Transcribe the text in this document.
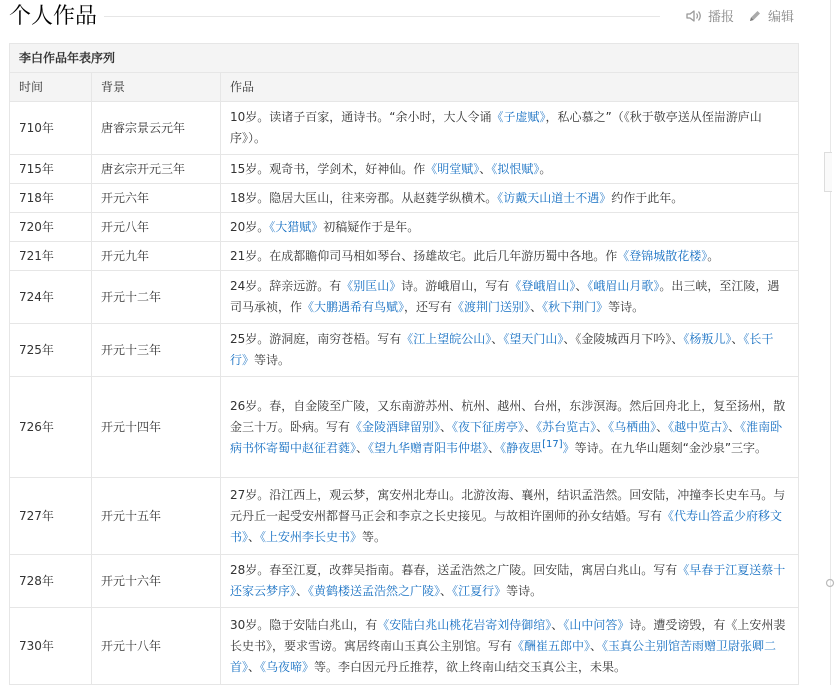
个人作品	播报	编辑
李白作品年表序列		
时间	背景	作品
710年	唐睿宗景云元年	10岁。读诸子百家，通诗书。“余小时，大人令诵《子虚赋》，私心慕之”（《秋于敬亭送从侄耑游庐山序》）。
715年	唐玄宗开元三年	15岁。观奇书，学剑术，好神仙。作《明堂赋》、《拟恨赋》。
718年	开元六年	18岁。隐居大匡山，往来旁郡。从赵蕤学纵横术。《访戴天山道士不遇》约作于此年。
720年	开元八年	20岁。《大猎赋》初稿疑作于是年。
721年	开元九年	21岁。在成都瞻仰司马相如琴台、扬雄故宅。此后几年游历蜀中各地。作《登锦城散花楼》。
724年	开元十二年	24岁。辞亲远游。有《别匡山》诗。游峨眉山，写有《登峨眉山》、《峨眉山月歌》。出三峡，至江陵，遇司马承祯，作《大鹏遇希有鸟赋》，还写有《渡荆门送别》、《秋下荆门》等诗。
725年	开元十三年	25岁。游洞庭，南穷苍梧。写有《江上望皖公山》、《望天门山》、《金陵城西月下吟》、《杨叛儿》、《长干行》等诗。
726年	开元十四年	26岁。春，自金陵至广陵，又东南游苏州、杭州、越州、台州，东涉溟海。然后回舟北上，复至扬州，散金三十万。卧病。写有《金陵酒肆留别》、《夜下征虏亭》、《苏台览古》、《乌栖曲》、《越中览古》、《淮南卧病书怀寄蜀中赵征君蕤》、《望九华赠青阳韦仲堪》、《静夜思[17]》等诗。在九华山题刻“金沙泉”三字。
727年	开元十五年	27岁。沿江西上，观云梦，寓安州北寿山。北游汝海、襄州，结识孟浩然。回安陆，冲撞李长史车马。与元丹丘一起受安州都督马正会和李京之长史接见。与故相许圉师的孙女结婚。写有《代寿山答孟少府移文书》、《上安州李长史书》等。
728年	开元十六年	28岁。春至江夏，改葬吴指南。暮春，送孟浩然之广陵。回安陆，寓居白兆山。写有《早春于江夏送蔡十还家云梦序》、《黄鹤楼送孟浩然之广陵》、《江夏行》等诗。
730年	开元十八年	30岁。隐于安陆白兆山，有《安陆白兆山桃花岩寄刘侍御绾》、《山中问答》诗。遭受谤毁，有《上安州裴长史书》，要求雪谤。寓居终南山玉真公主别馆。写有《酬崔五郎中》、《玉真公主别馆苦雨赠卫尉张卿二首》、《乌夜啼》等。李白因元丹丘推荐，欲上终南山结交玉真公主，未果。
